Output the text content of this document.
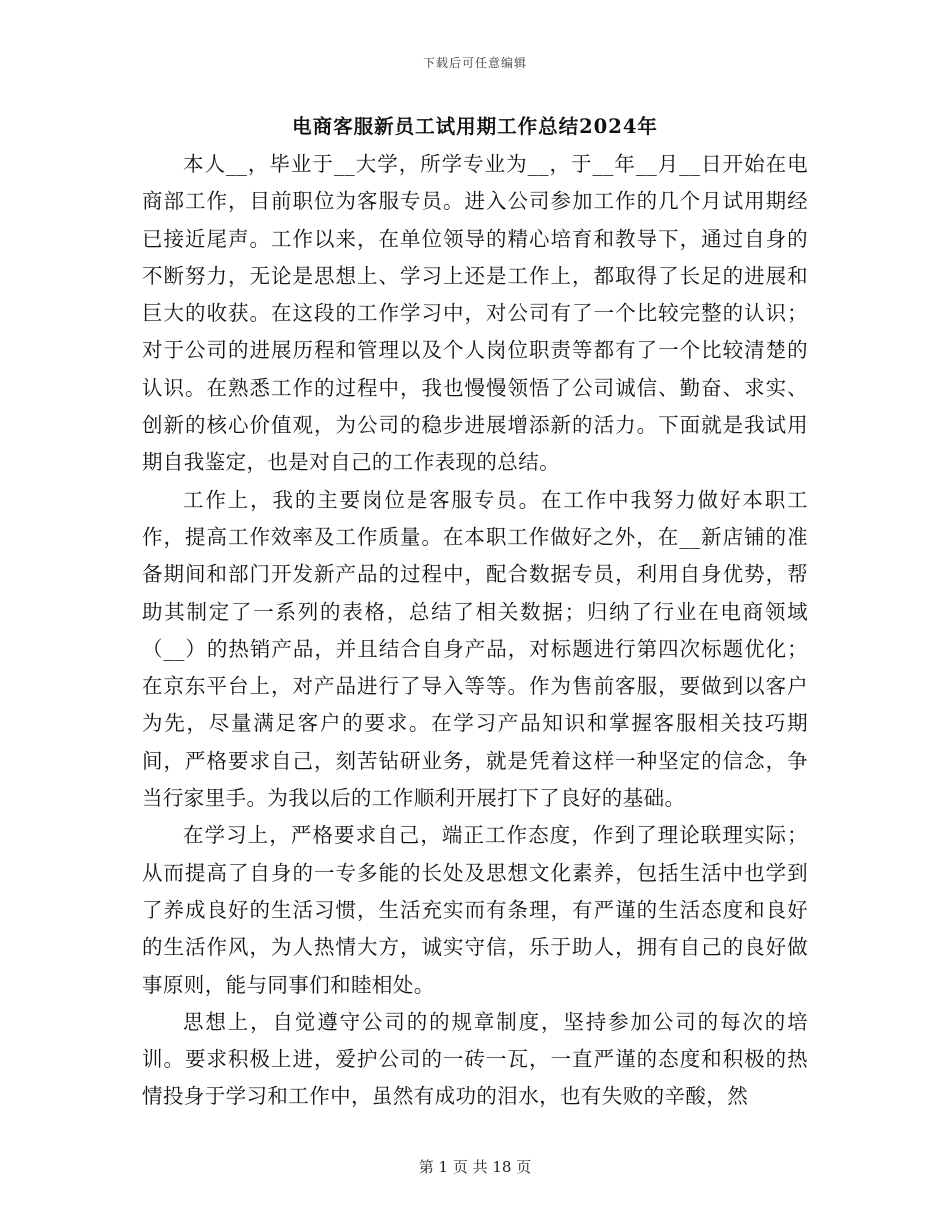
下载后可任意编辑
电商客服新员工试用期工作总结2024年

本人__，毕业于__大学，所学专业为__，于__年__月__日开始在电商部工作，目前职位为客服专员。进入公司参加工作的几个月试用期经已接近尾声。工作以来，在单位领导的精心培育和教导下，通过自身的不断努力，无论是思想上、学习上还是工作上，都取得了长足的进展和巨大的收获。在这段的工作学习中，对公司有了一个比较完整的认识；对于公司的进展历程和管理以及个人岗位职责等都有了一个比较清楚的认识。在熟悉工作的过程中，我也慢慢领悟了公司诚信、勤奋、求实、创新的核心价值观，为公司的稳步进展增添新的活力。下面就是我试用期自我鉴定，也是对自己的工作表现的总结。

工作上，我的主要岗位是客服专员。在工作中我努力做好本职工作，提高工作效率及工作质量。在本职工作做好之外，在__新店铺的准备期间和部门开发新产品的过程中，配合数据专员，利用自身优势，帮助其制定了一系列的表格，总结了相关数据；归纳了行业在电商领域（__）的热销产品，并且结合自身产品，对标题进行第四次标题优化；在京东平台上，对产品进行了导入等等。作为售前客服，要做到以客户为先，尽量满足客户的要求。在学习产品知识和掌握客服相关技巧期间，严格要求自己，刻苦钻研业务，就是凭着这样一种坚定的信念，争当行家里手。为我以后的工作顺利开展打下了良好的基础。

在学习上，严格要求自己，端正工作态度，作到了理论联理实际；从而提高了自身的一专多能的长处及思想文化素养，包括生活中也学到了养成良好的生活习惯，生活充实而有条理，有严谨的生活态度和良好的生活作风，为人热情大方，诚实守信，乐于助人，拥有自己的良好做事原则，能与同事们和睦相处。

思想上，自觉遵守公司的的规章制度，坚持参加公司的每次的培训。要求积极上进，爱护公司的一砖一瓦，一直严谨的态度和积极的热情投身于学习和工作中，虽然有成功的泪水，也有失败的辛酸，然

第 1 页 共 18 页
